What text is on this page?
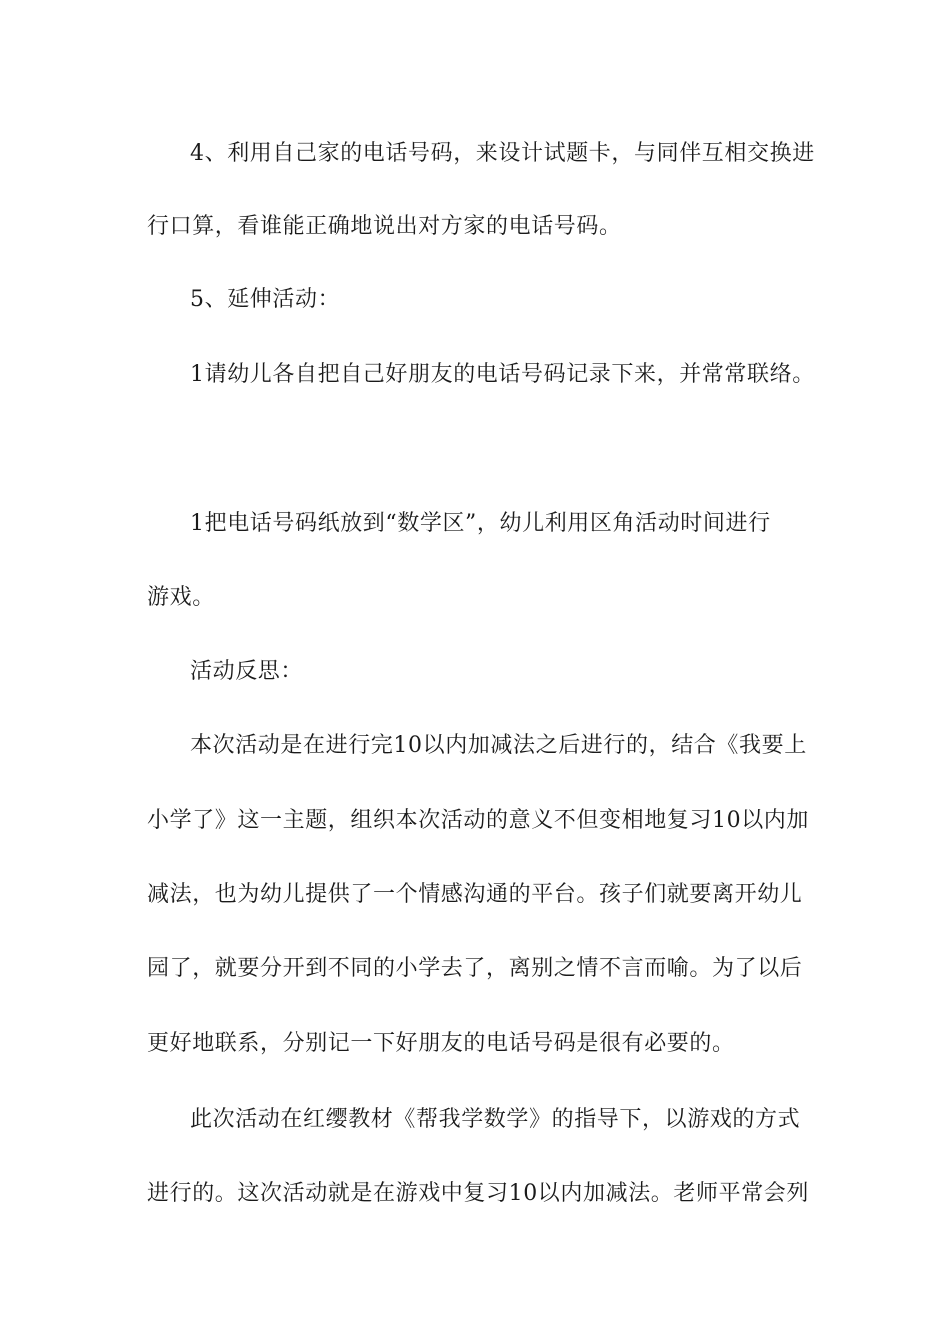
4、利用自己家的电话号码，来设计试题卡，与同伴互相交换进
行口算，看谁能正确地说出对方家的电话号码。
5、延伸活动：
1请幼儿各自把自己好朋友的电话号码记录下来，并常常联络。
1把电话号码纸放到“数学区”，幼儿利用区角活动时间进行
游戏。
活动反思：
本次活动是在进行完10以内加减法之后进行的，结合《我要上
小学了》这一主题，组织本次活动的意义不但变相地复习10以内加
减法，也为幼儿提供了一个情感沟通的平台。孩子们就要离开幼儿
园了，就要分开到不同的小学去了，离别之情不言而喻。为了以后
更好地联系，分别记一下好朋友的电话号码是很有必要的。
此次活动在红缨教材《帮我学数学》的指导下，以游戏的方式
进行的。这次活动就是在游戏中复习10以内加减法。老师平常会列
